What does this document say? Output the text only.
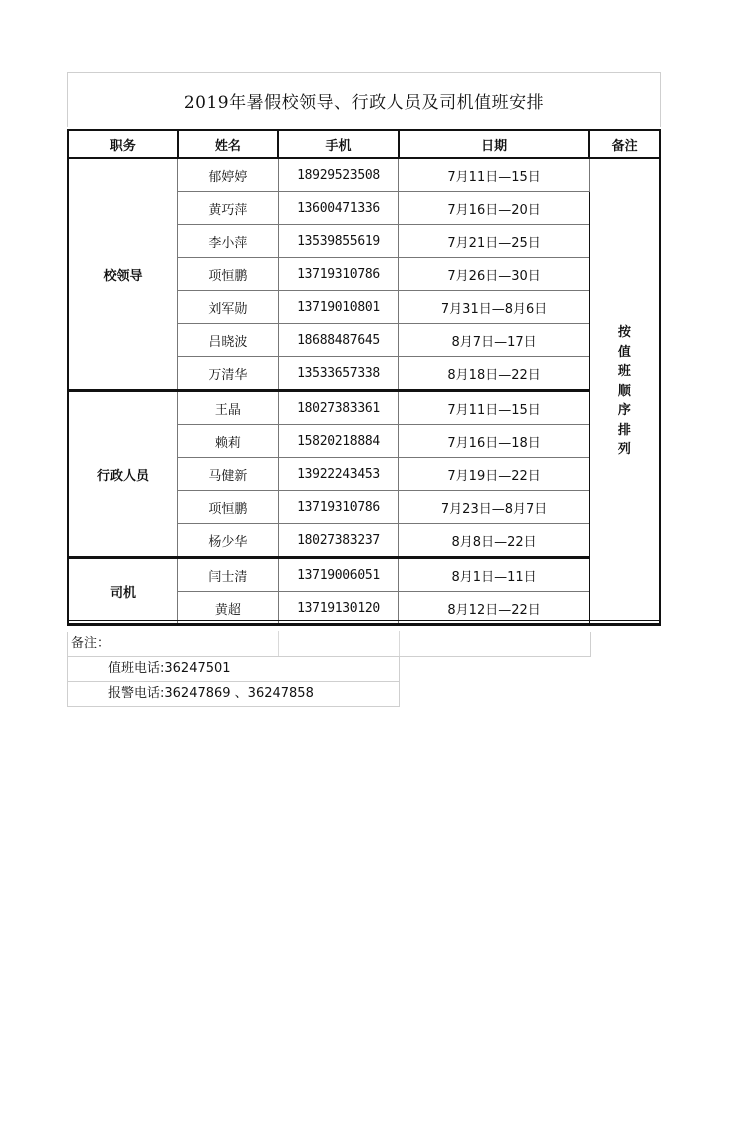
2019年暑假校领导、行政人员及司机值班安排
职务	姓名	手机	日期	备注
校领导	郁婷婷	18929523508	7月11日—15日	按值班顺序排列
	黄巧萍	13600471336	7月16日—20日	
	李小萍	13539855619	7月21日—25日	
	项恒鹏	13719310786	7月26日—30日	
	刘军勋	13719010801	7月31日—8月6日	
	吕晓波	18688487645	8月7日—17日	
	万清华	13533657338	8月18日—22日	
行政人员	王晶	18027383361	7月11日—15日	
	赖莉	15820218884	7月16日—18日	
	马健新	13922243453	7月19日—22日	
	项恒鹏	13719310786	7月23日—8月7日	
	杨少华	18027383237	8月8日—22日	
司机	闫士清	13719006051	8月1日—11日	
	黄超	13719130120	8月12日—22日	
备注：
值班电话:36247501
报警电话:36247869 、36247858
